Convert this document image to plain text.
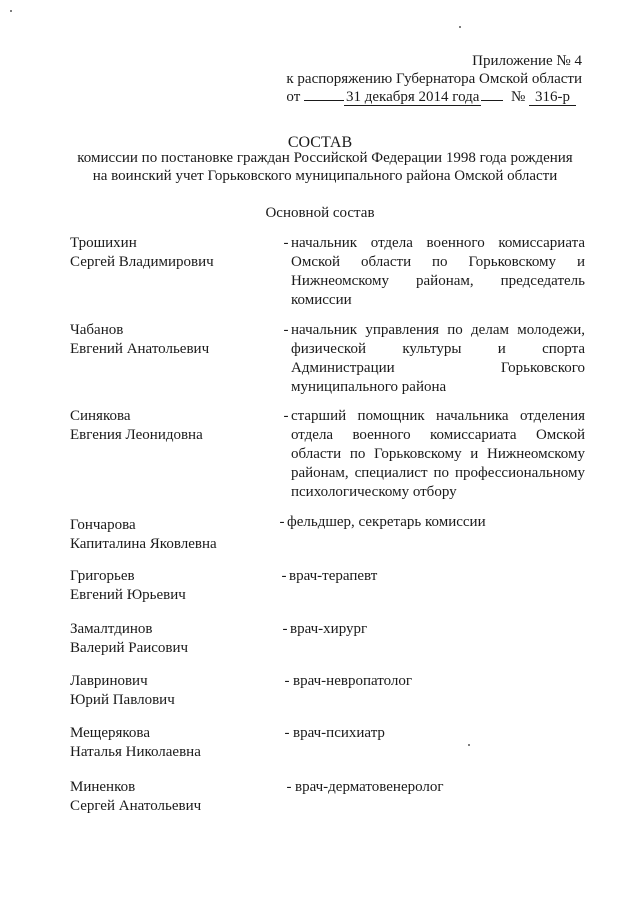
Приложение № 4
к распоряжению Губернатора Омской области
от	31 декабря 2014 года № 316-р
СОСТАВ
комиссии по постановке граждан Российской Федерации 1998 года рождения
на воинский учет Горьковского муниципального района Омской области
Основной состав
Трошихин
Сергей Владимирович
- начальник отдела военного комиссариата Омской области по Горьковскому и Нижнеомскому районам, председатель комиссии
Чабанов
Евгений Анатольевич
- начальник управления по делам молодежи, физической культуры и спорта Администрации Горьковского муниципального района
Синякова
Евгения Леонидовна
- старший помощник начальника отделения отдела военного комиссариата Омской области по Горьковскому и Нижнеомскому районам, специалист по профессиональному психологическому отбору
Гончарова
Капиталина Яковлевна
- фельдшер, секретарь комиссии
Григорьев
Евгений Юрьевич
- врач-терапевт
Замалтдинов
Валерий Раисович
- врач-хирург
Лавринович
Юрий Павлович
- врач-невропатолог
Мещерякова
Наталья Николаевна
- врач-психиатр
Миненков
Сергей Анатольевич
- врач-дерматовенеролог
